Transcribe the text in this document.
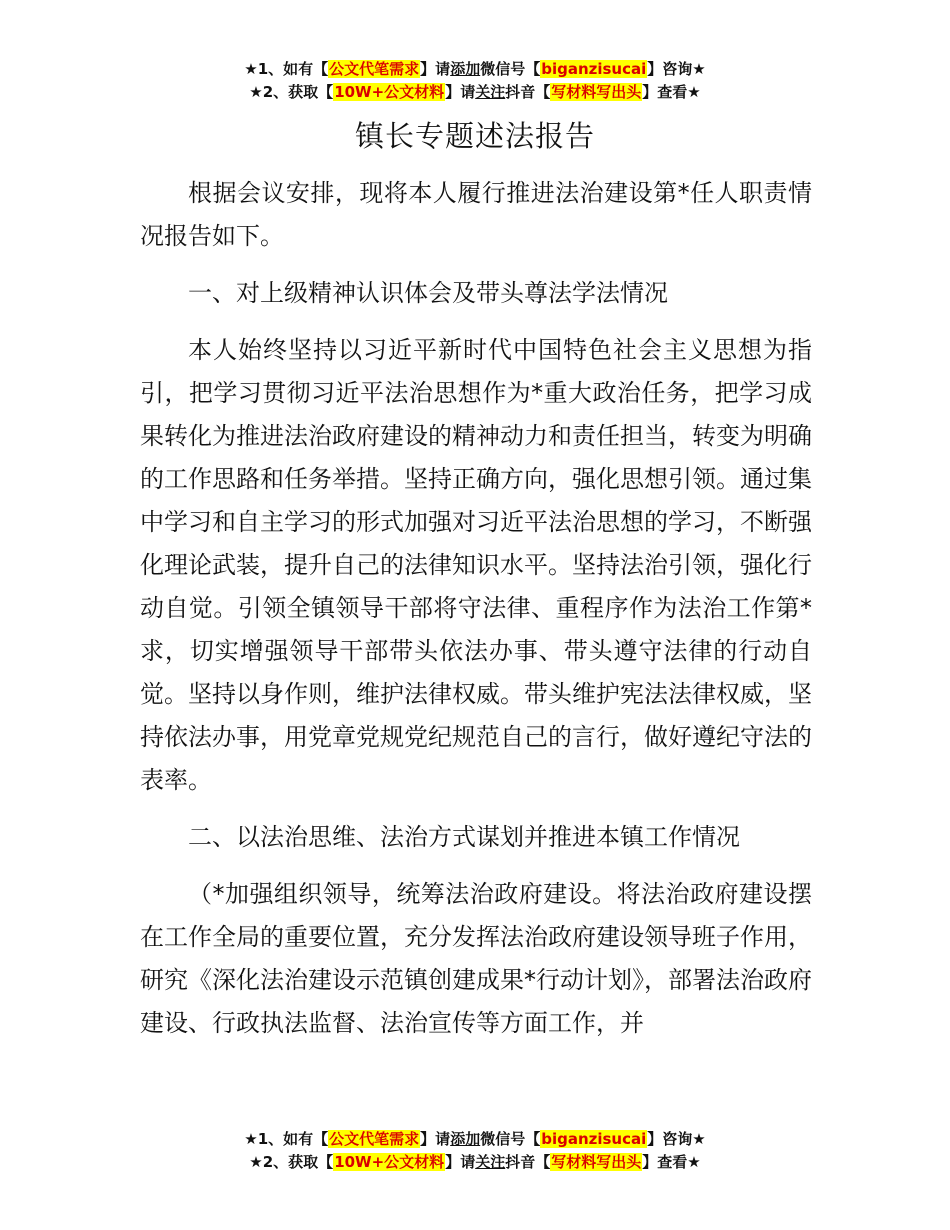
★1、如有【公文代笔需求】请添加微信号【biganzisucai】咨询★
★2、获取【10W+公文材料】请关注抖音【写材料写出头】查看★
镇长专题述法报告

根据会议安排，现将本人履行推进法治建设第*任人职责情况报告如下。

一、对上级精神认识体会及带头尊法学法情况

本人始终坚持以习近平新时代中国特色社会主义思想为指引，把学习贯彻习近平法治思想作为*重大政治任务，把学习成果转化为推进法治政府建设的精神动力和责任担当，转变为明确的工作思路和任务举措。坚持正确方向，强化思想引领。通过集中学习和自主学习的形式加强对习近平法治思想的学习，不断强化理论武装，提升自己的法律知识水平。坚持法治引领，强化行动自觉。引领全镇领导干部将守法律、重程序作为法治工作第*求，切实增强领导干部带头依法办事、带头遵守法律的行动自觉。坚持以身作则，维护法律权威。带头维护宪法法律权威，坚持依法办事，用党章党规党纪规范自己的言行，做好遵纪守法的表率。

二、以法治思维、法治方式谋划并推进本镇工作情况

（*加强组织领导，统筹法治政府建设。将法治政府建设摆在工作全局的重要位置，充分发挥法治政府建设领导班子作用，研究《深化法治建设示范镇创建成果*行动计划》，部署法治政府建设、行政执法监督、法治宣传等方面工作，并

★1、如有【公文代笔需求】请添加微信号【biganzisucai】咨询★
★2、获取【10W+公文材料】请关注抖音【写材料写出头】查看★
